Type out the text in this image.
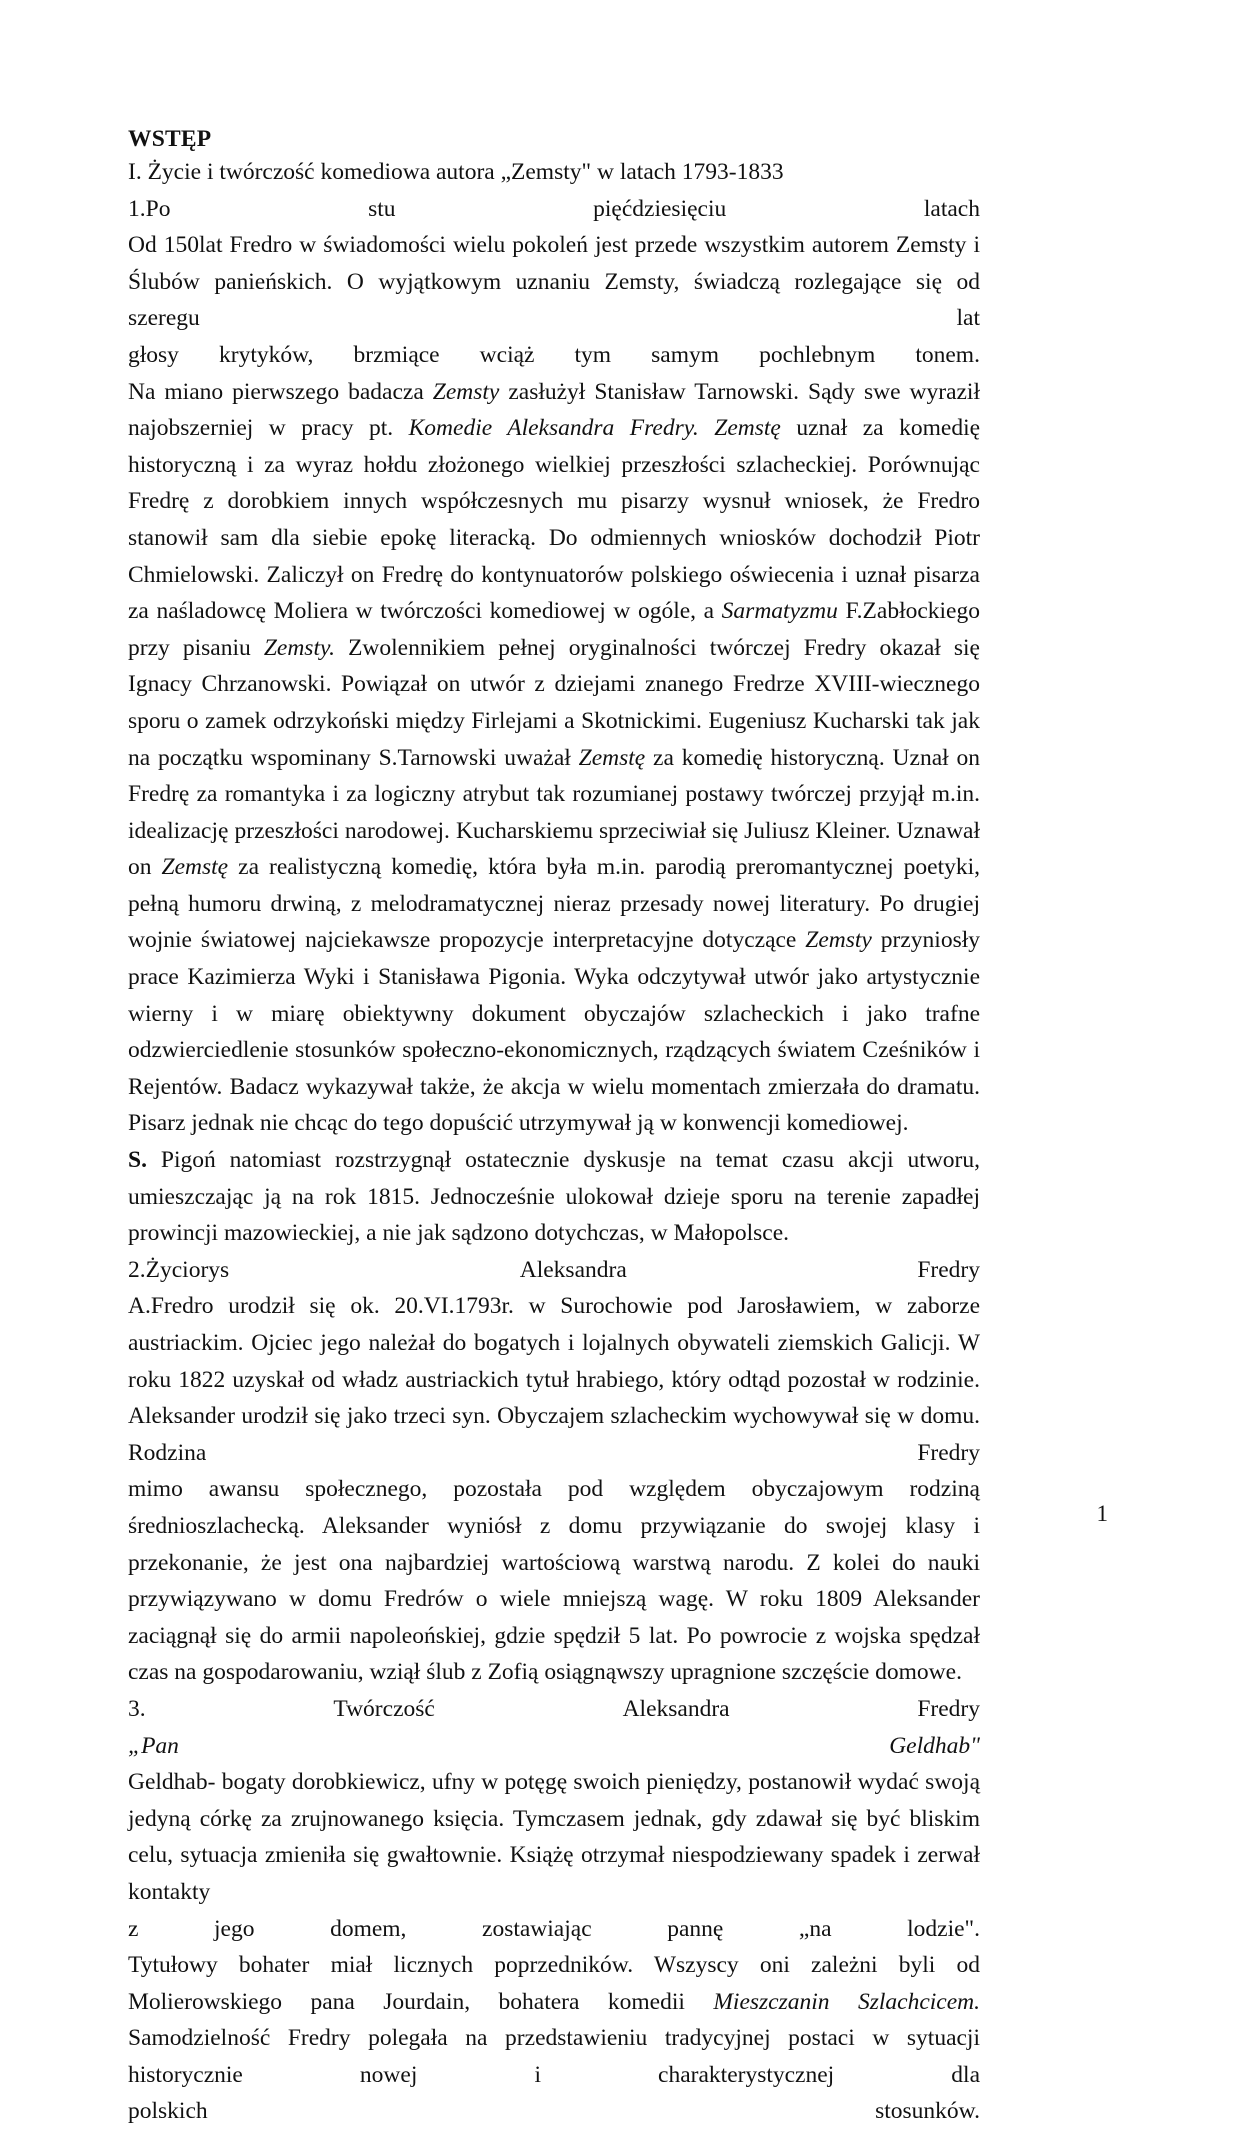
WSTĘP
I. Życie i twórczość komediowa autora „Zemsty" w latach 1793-1833
1.Po	stu	pięćdziesięciu	latach

Od 150lat Fredro w świadomości wielu pokoleń jest przede wszystkim autorem Zemsty i Ślubów panieńskich. O wyjątkowym uznaniu Zemsty, świadczą rozlegające się od szeregu lat

głosy krytyków, brzmiące wciąż tym samym pochlebnym tonem.

Na miano pierwszego badacza Zemsty zasłużył Stanisław Tarnowski. Sądy swe wyraził najobszerniej w pracy pt. Komedie Aleksandra Fredry. Zemstę uznał za komedię historyczną i za wyraz hołdu złożonego wielkiej przeszłości szlacheckiej. Porównując Fredrę z dorobkiem innych współczesnych mu pisarzy wysnuł wniosek, że Fredro stanowił sam dla siebie epokę literacką. Do odmiennych wniosków dochodził Piotr Chmielowski. Zaliczył on Fredrę do kontynuatorów polskiego oświecenia i uznał pisarza za naśladowcę Moliera w twórczości komediowej w ogóle, a Sarmatyzmu F.Zabłockiego przy pisaniu Zemsty. Zwolennikiem pełnej oryginalności twórczej Fredry okazał się Ignacy Chrzanowski. Powiązał on utwór z dziejami znanego Fredrze XVIII-wiecznego sporu o zamek odrzykoński między Firlejami a Skotnickimi. Eugeniusz Kucharski tak jak na początku wspominany S.Tarnowski uważał Zemstę za komedię historyczną. Uznał on Fredrę za romantyka i za logiczny atrybut tak rozumianej postawy twórczej przyjął m.in. idealizację przeszłości narodowej. Kucharskiemu sprzeciwiał się Juliusz Kleiner. Uznawał on Zemstę za realistyczną komedię, która była m.in. parodią preromantycznej poetyki, pełną humoru drwiną, z melodramatycznej nieraz przesady nowej literatury. Po drugiej wojnie światowej najciekawsze propozycje interpretacyjne dotyczące Zemsty przyniosły prace Kazimierza Wyki i Stanisława Pigonia. Wyka odczytywał utwór jako artystycznie wierny i w miarę obiektywny dokument obyczajów szlacheckich i jako trafne odzwierciedlenie stosunków społeczno-ekonomicznych, rządzących światem Cześników i Rejentów. Badacz wykazywał także, że akcja w wielu momentach zmierzała do dramatu. Pisarz jednak nie chcąc do tego dopuścić utrzymywał ją w konwencji komediowej.

S. Pigoń natomiast rozstrzygnął ostatecznie dyskusje na temat czasu akcji utworu, umieszczając ją na rok 1815. Jednocześnie ulokował dzieje sporu na terenie zapadłej prowincji mazowieckiej, a nie jak sądzono dotychczas, w Małopolsce.

2.Życiorys	Aleksandra	Fredry

A.Fredro urodził się ok. 20.VI.1793r. w Surochowie pod Jarosławiem, w zaborze austriackim. Ojciec jego należał do bogatych i lojalnych obywateli ziemskich Galicji. W roku 1822 uzyskał od władz austriackich tytuł hrabiego, który odtąd pozostał w rodzinie. Aleksander urodził się jako trzeci syn. Obyczajem szlacheckim wychowywał się w domu. Rodzina Fredry

mimo awansu społecznego, pozostała pod względem obyczajowym rodziną

średnioszlachecką. Aleksander wyniósł z domu przywiązanie do swojej klasy i przekonanie, że jest ona najbardziej wartościową warstwą narodu. Z kolei do nauki przywiązywano w domu Fredrów o wiele mniejszą wagę. W roku 1809 Aleksander zaciągnął się do armii napoleońskiej, gdzie spędził 5 lat. Po powrocie z wojska spędzał czas na gospodarowaniu, wziął ślub z Zofią osiągnąwszy upragnione szczęście domowe.

3.	Twórczość	Aleksandra	Fredry
„Pan	Geldhab"

Geldhab- bogaty dorobkiewicz, ufny w potęgę swoich pieniędzy, postanowił wydać swoją jedyną córkę za zrujnowanego księcia. Tymczasem jednak, gdy zdawał się być bliskim celu, sytuacja zmieniła się gwałtownie. Książę otrzymał niespodziewany spadek i zerwał kontakty

z	jego	domem,	zostawiając	pannę	„na	lodzie".

Tytułowy bohater miał licznych poprzedników. Wszyscy oni zależni byli od Molierowskiego pana Jourdain, bohatera komedii Mieszczanin Szlachcicem. Samodzielność Fredry polegała na przedstawieniu tradycyjnej postaci w sytuacji historycznie nowej i charakterystycznej dla

polskich	stosunków.
1
